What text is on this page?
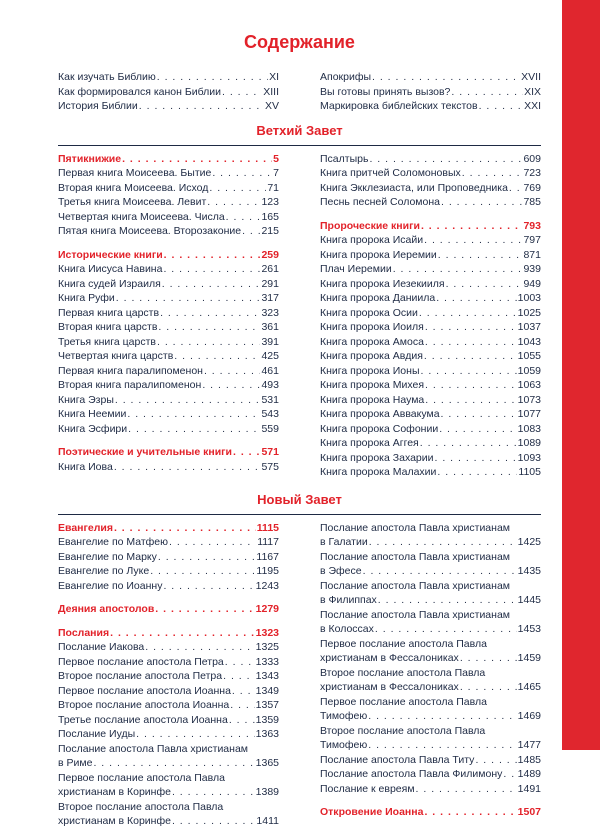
Содержание
Как изучать Библию . . .	XI
Как формировался канон Библии . . .	XIII
История Библии . . .	XV
Апокрифы . . .	XVII
Вы готовы принять вызов? . . .	XIX
Маркировка библейских текстов . . .	XXI
Ветхий Завет
Пятикнижие . . .	5
Первая книга Моисеева. Бытие . . .	7
Вторая книга Моисеева. Исход . . .	71
Третья книга Моисеева. Левит . . .	123
Четвертая книга Моисеева. Числа . . .	165
Пятая книга Моисеева. Второзаконие . . . 215
Исторические книги . . .	259
Книга Иисуса Навина . . .	261
Книга судей Израиля . . .	291
Книга Руфи . . .	317
Первая книга царств . . .	323
Вторая книга царств . . .	361
Третья книга царств . . .	391
Четвертая книга царств . . .	425
Первая книга паралипоменон . . .	461
Вторая книга паралипоменон . . .	493
Книга Эзры . . .	531
Книга Неемии . . .	543
Книга Эсфири . . .	559
Поэтические и учительные книги . . .	571
Книга Иова . . .	575
Псалтырь . . .	609
Книга притчей Соломоновых . . .	723
Книга Экклезиаста, или Проповедника . . . 769
Песнь песней Соломона . . .	785
Пророческие книги . . .	793
Книга пророка Исайи . . .	797
Книга пророка Иеремии . . .	871
Плач Иеремии . . .	939
Книга пророка Иезекииля . . .	949
Книга пророка Даниила . . .	1003
Книга пророка Осии . . .	1025
Книга пророка Иоиля . . .	1037
Книга пророка Амоса . . .	1043
Книга пророка Авдия . . .	1055
Книга пророка Ионы . . .	1059
Книга пророка Михея . . .	1063
Книга пророка Наума . . .	1073
Книга пророка Аввакума . . .	1077
Книга пророка Софонии . . .	1083
Книга пророка Аггея . . .	1089
Книга пророка Захарии . . .	1093
Книга пророка Малахии . . .	1105
Новый Завет
Евангелия . . .	1115
Евангелие по Матфею . . .	1117
Евангелие по Марку . . .	1167
Евангелие по Луке . . .	1195
Евангелие по Иоанну . . .	1243
Деяния апостолов . . .	1279
Послания . . .	1323
Послание Иакова . . .	1325
Первое послание апостола Петра . . .	1333
Второе послание апостола Петра . . .	1343
Первое послание апостола Иоанна . . . 1349
Второе послание апостола Иоанна . . .	1357
Третье послание апостола Иоанна . . .	1359
Послание Иуды . . .	1363
Послание апостола Павла христианам
в Риме . . .	1365
Первое послание апостола Павла
христианам в Коринфе . . .	1389
Второе послание апостола Павла
христианам в Коринфе . . .	1411
Послание апостола Павла христианам
в Галатии . . .	1425
Послание апостола Павла христианам
в Эфесе . . .	1435
Послание апостола Павла христианам
в Филиппах . . .	1445
Послание апостола Павла христианам
в Колоссах . . .	1453
Первое послание апостола Павла
христианам в Фессалониках . . .	1459
Второе послание апостола Павла
христианам в Фессалониках . . .	1465
Первое послание апостола Павла
Тимофею . . .	1469
Второе послание апостола Павла
Тимофею . . .	1477
Послание апостола Павла Титу . . .	1485
Послание апостола Павла Филимону . . . 1489
Послание к евреям . . .	1491
Откровение Иоанна . . .	1507
